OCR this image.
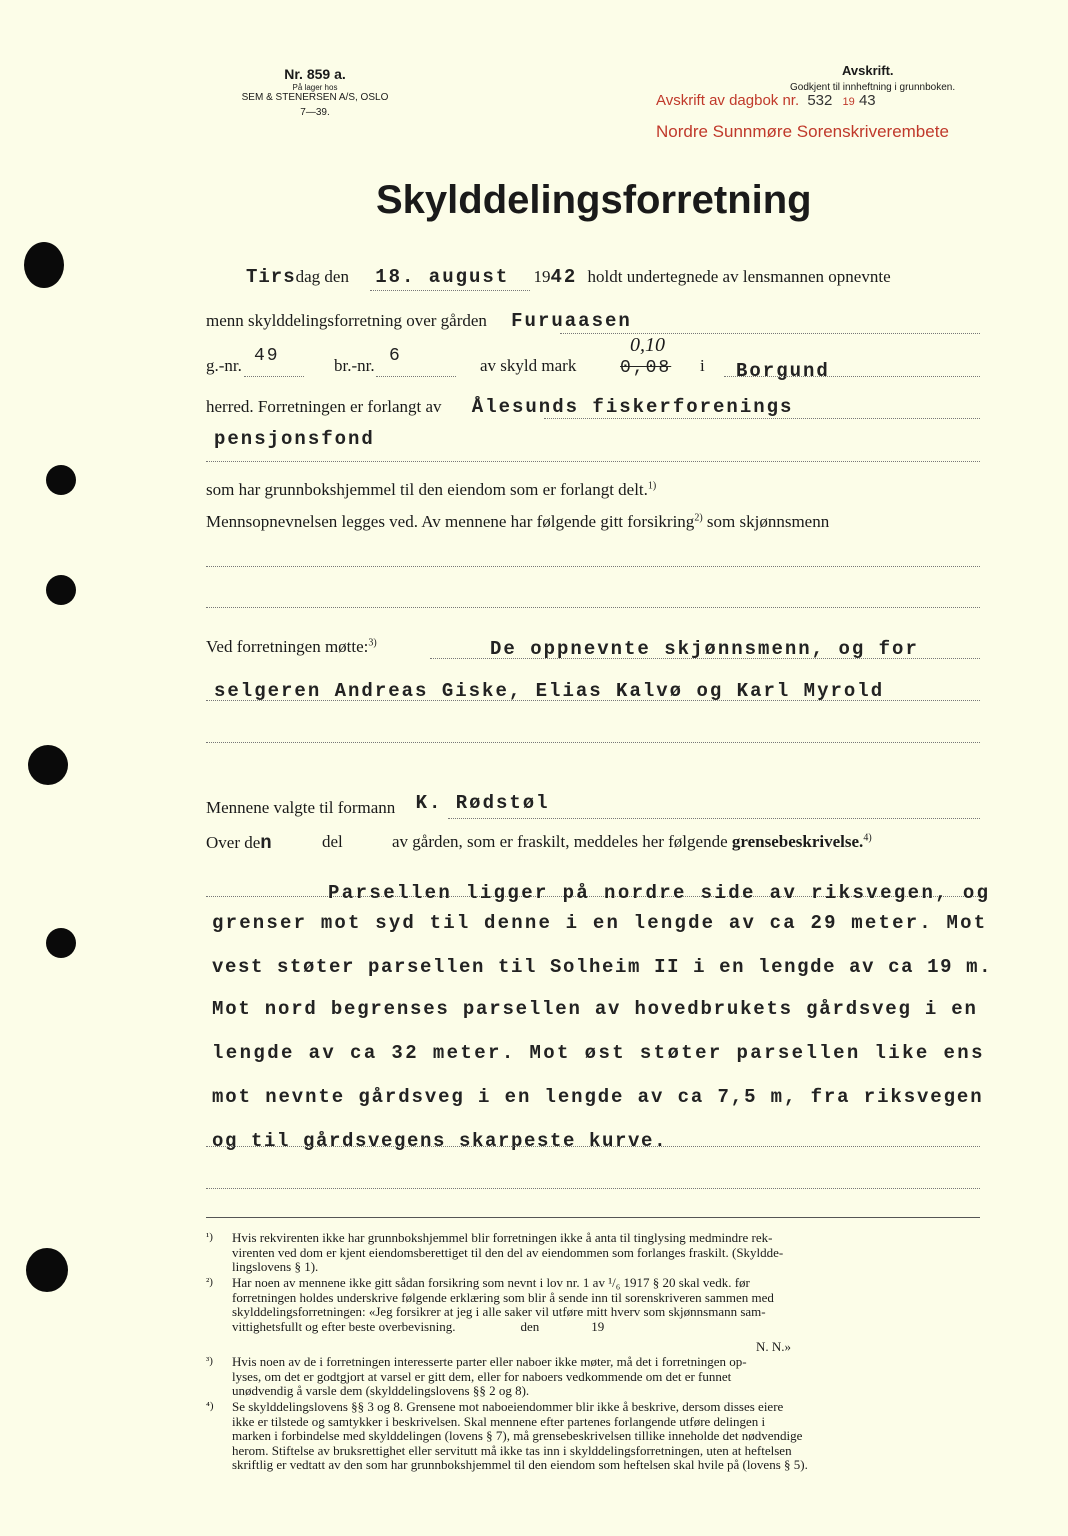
Nr. 859 a.
På lager hos
SEM & STENERSEN A/S, OSLO
7—39.
Avskrift.
Godkjent til innheftning i grunnboken.
Avskrift av dagbok nr. 532 19 43
Nordre Sunnmøre Sorenskriverembete
Skylddelingsforretning
Tirsdag den 18. august 1942 holdt undertegnede av lensmannen opnevnte
menn skylddelingsforretning over gården Furuaasen
g.-nr. 49	br.-nr. 6	av skyld mark
0,10
0,08 i Borgund
herred. Forretningen er forlangt av Ålesunds fiskerforenings
pensjonsfond
som har grunnbokshjemmel til den eiendom som er forlangt delt.$^{1)}$
Mennsopnevnelsen legges ved. Av mennene har følgende gitt forsikring$^{2)}$ som skjønnsmenn
Ved forretningen møtte:$^{3)}$	De oppnevnte skjønnsmenn, og for
selgeren Andreas Giske, Elias Kalvø og Karl Myrold
Mennene valgte til formann K. Rødstøl
Over den	del	av gården, som er fraskilt, meddeles her følgende grensebeskrivelse.$^{4)}$
Parsellen ligger på nordre side av riksvegen, og
grenser mot syd til denne i en lengde av ca 29 meter. Mot
vest støter parsellen til Solheim II i en lengde av ca 19 m.
Mot nord begrenses parsellen av hovedbrukets gårdsveg i en
lengde av ca 32 meter. Mot øst støter parsellen like ens
mot nevnte gårdsveg i en lengde av ca 7,5 m, fra riksvegen
og til gårdsvegens skarpeste kurve.
¹) Hvis rekvirenten ikke har grunnbokshjemmel blir forretningen ikke å anta til tinglysing medmindre rek-
virenten ved dom er kjent eiendomsberettiget til den del av eiendommen som forlanges fraskilt. (Skyldde-
lingslovens § 1).
²) Har noen av mennene ikke gitt sådan forsikring som nevnt i lov nr. 1 av ¹/₆ 1917 § 20 skal vedk. før
forretningen holdes underskrive følgende erklæring som blir å sende inn til sorenskriveren sammen med
skylddelingsforretningen: «Jeg forsikrer at jeg i alle saker vil utføre mitt hverv som skjønnsmann sam-
vittighetsfullt og efter beste overbevisning.                    den                19
N. N.»
³) Hvis noen av de i forretningen interesserte parter eller naboer ikke møter, må det i forretningen op-
lyses, om det er godtgjort at varsel er gitt dem, eller for naboers vedkommende om det er funnet
unødvendig å varsle dem (skylddelingslovens §§ 2 og 8).
⁴) Se skylddelingslovens §§ 3 og 8. Grensene mot naboeiendommer blir ikke å beskrive, dersom disses eiere
ikke er tilstede og samtykker i beskrivelsen. Skal mennene efter partenes forlangende utføre delingen i
marken i forbindelse med skylddelingen (lovens § 7), må grensebeskrivelsen tillike inneholde det nødvendige
herom. Stiftelse av bruksrettighet eller servitutt må ikke tas inn i skylddelingsforretningen, uten at heftelsen
skriftlig er vedtatt av den som har grunnbokshjemmel til den eiendom som heftelsen skal hvile på (lovens § 5).
